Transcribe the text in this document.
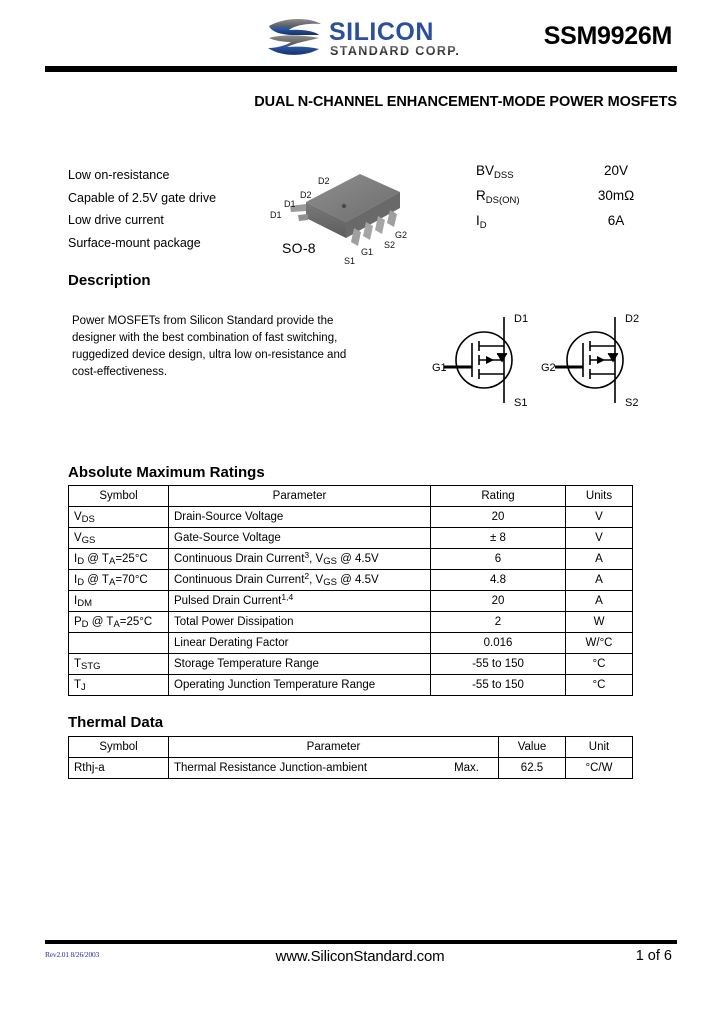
SILICON
STANDARD CORP.
SSM9926M
DUAL N-CHANNEL ENHANCEMENT-MODE POWER MOSFETS
Low on-resistance
Capable of 2.5V gate drive
Low drive current
Surface-mount package
D1
D1
D2
D2
G2
S2
G1
S1
SO-8
BVDSS	20V
RDS(ON)	30mΩ
ID	6A
Description
Power MOSFETs from Silicon Standard provide the designer with the best combination of fast switching, ruggedized device design, ultra low on-resistance and cost-effectiveness.
D1
G1
S1
D2
G2
S2
Absolute Maximum Ratings
Symbol	Parameter	Rating	Units
$V_{DS}$	Drain-Source Voltage	20	V
$V_{GS}$	Gate-Source Voltage	± 8	V
$I_D$ @ $T_A=25^\circ C$	Continuous Drain Current$^3$, $V_{GS}$ @ 4.5V	6	A
$I_D$ @ $T_A=70^\circ C$	Continuous Drain Current$^2$, $V_{GS}$ @ 4.5V	4.8	A
$I_{DM}$	Pulsed Drain Current$^{1,4}$	20	A
$P_D$ @ $T_A=25^\circ C$	Total Power Dissipation	2	W
	Linear Derating Factor	0.016	W/°C
$T_{STG}$	Storage Temperature Range	-55 to 150	°C
$T_J$	Operating Junction Temperature Range	-55 to 150	°C
Thermal Data
Symbol	Parameter	Value	Unit
Rthj-a	Thermal Resistance Junction-ambient Max.	62.5	°C/W
Rev2.01 8/26/2003	www.SiliconStandard.com	1 of 6
